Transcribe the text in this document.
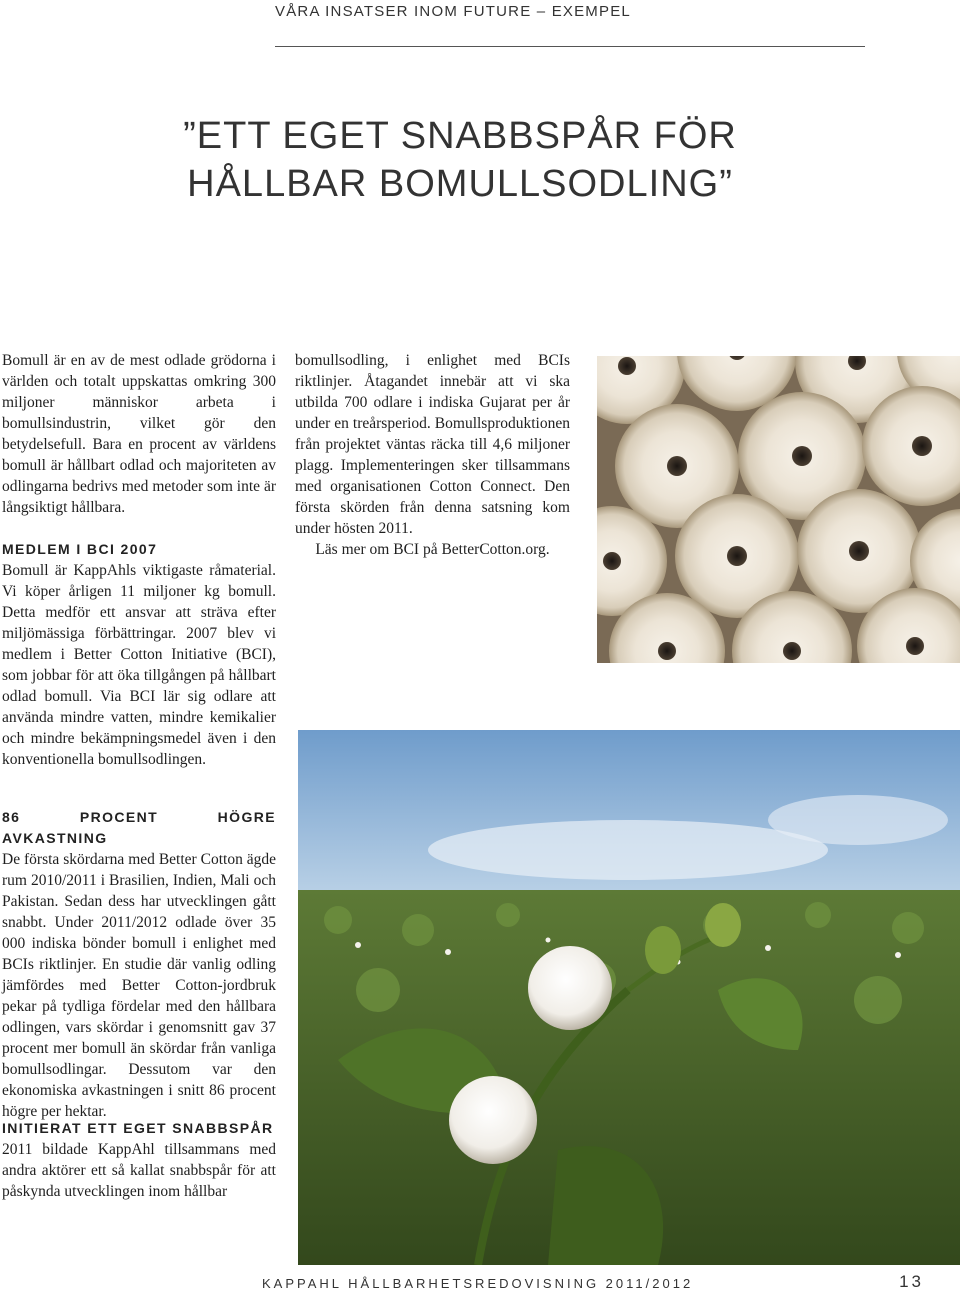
VÅRA INSATSER INOM FUTURE – EXEMPEL
”ETT EGET SNABBSPÅR FÖR
HÅLLBAR BOMULLSODLING”

Bomull är en av de mest odlade grödorna i världen och totalt uppskattas omkring 300 miljoner människor arbeta i bomullsindustrin, vilket gör den betydelsefull. Bara en procent av världens bomull är hållbart odlad och majoriteten av odlingarna bedrivs med metoder som inte är långsiktigt hållbara.

MEDLEM I BCI 2007

Bomull är KappAhls viktigaste råmaterial. Vi köper årligen 11 miljoner kg bomull. Detta medför ett ansvar att sträva efter miljömässiga förbättringar. 2007 blev vi medlem i Better Cotton Initiative (BCI), som jobbar för att öka tillgången på hållbart odlad bomull. Via BCI lär sig odlare att använda mindre vatten, mindre kemikalier och mindre bekämpningsmedel även i den konventionella bomullsodlingen.

bomullsodling, i enlighet med BCIs riktlinjer. Åtagandet innebär att vi ska utbilda 700 odlare i indiska Gujarat per år under en treårsperiod. Bomullsproduktionen från projektet väntas räcka till 4,6 miljoner plagg. Implementeringen sker tillsammans med organisationen Cotton Connect. Den första skörden från denna satsning kom under hösten 2011.

Läs mer om BCI på BetterCotton.org.

86 PROCENT HÖGRE AVKASTNING

De första skördarna med Better Cotton ägde rum 2010/2011 i Brasilien, Indien, Mali och Pakistan. Sedan dess har utvecklingen gått snabbt. Under 2011/2012 odlade över 35 000 indiska bönder bomull i enlighet med BCIs riktlinjer. En studie där vanlig odling jämfördes med Better Cotton-jordbruk pekar på tydliga fördelar med den hållbara odlingen, vars skördar i genomsnitt gav 37 procent mer bomull än skördar från vanliga bomullsodlingar. Dessutom var den ekonomiska avkastningen i snitt 86 procent högre per hektar.

INITIERAT ETT EGET SNABBSPÅR

2011 bildade KappAhl tillsammans med andra aktörer ett så kallat snabbspår för att påskynda utvecklingen inom hållbar

KAPPAHL HÅLLBARHETSREDOVISNING 2011/2012	13
